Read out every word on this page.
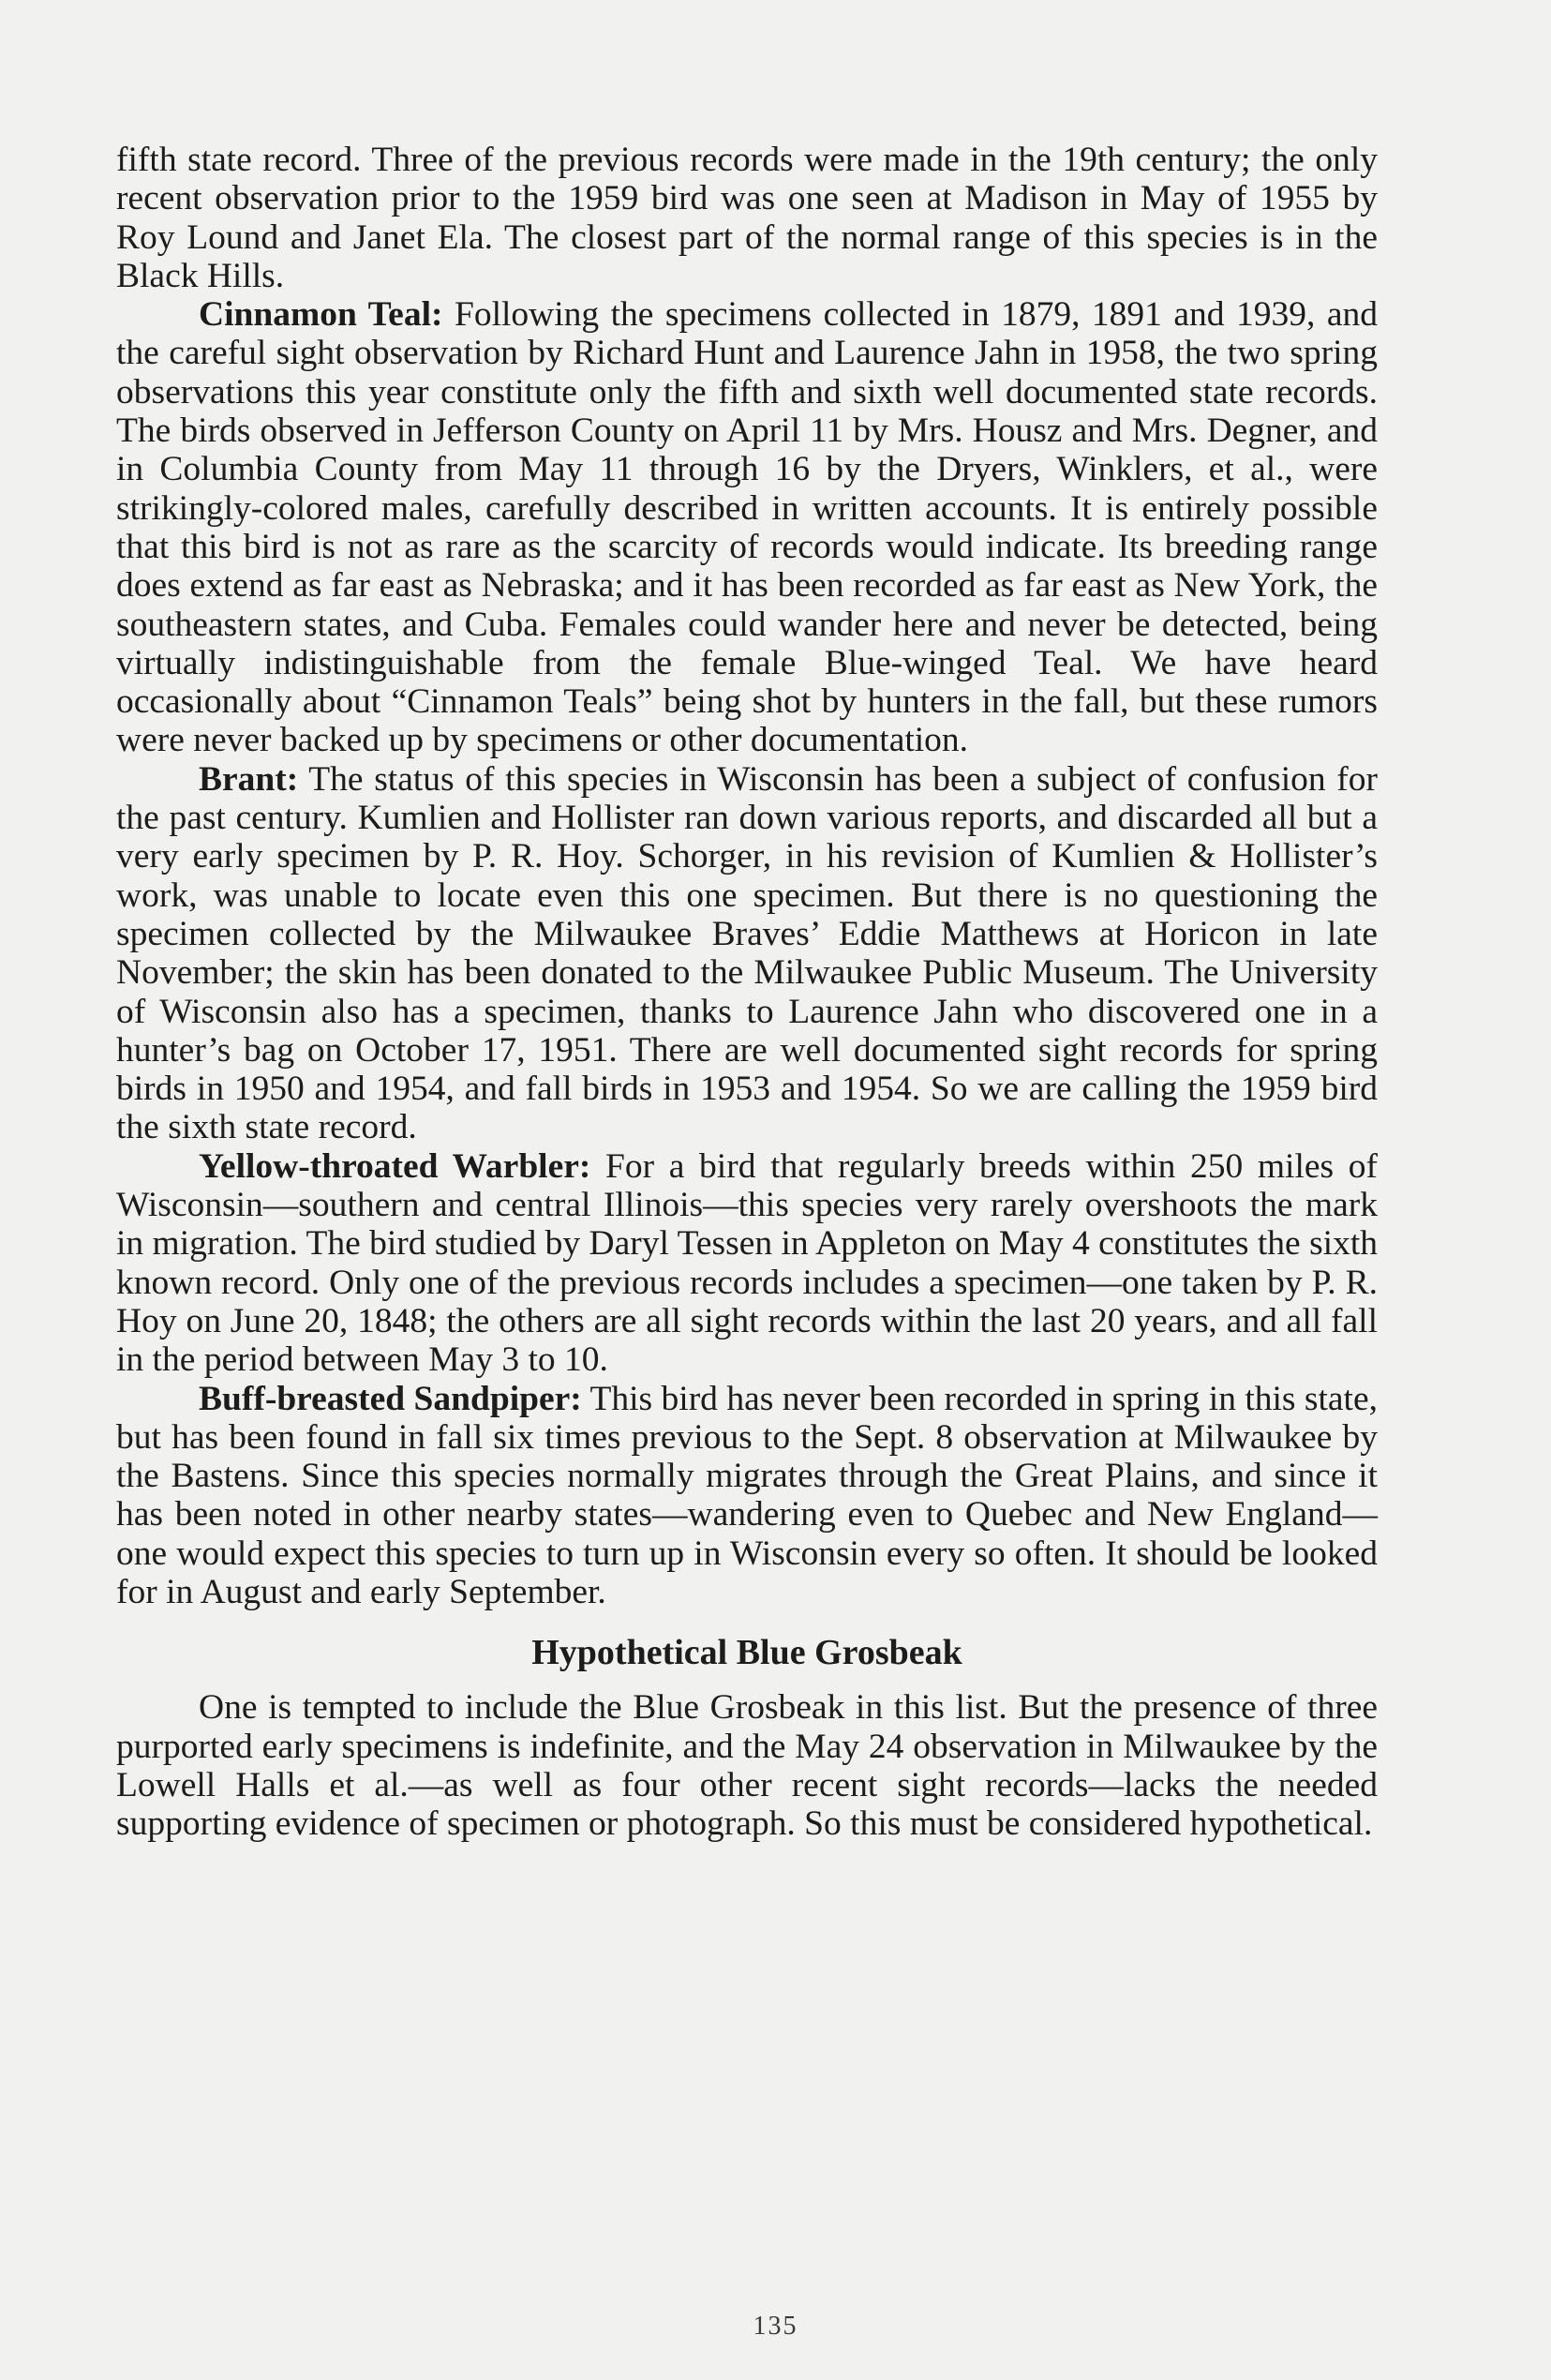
fifth state record. Three of the previous records were made in the 19th century; the only recent observation prior to the 1959 bird was one seen at Madison in May of 1955 by Roy Lound and Janet Ela. The closest part of the normal range of this species is in the Black Hills.

Cinnamon Teal: Following the specimens collected in 1879, 1891 and 1939, and the careful sight observation by Richard Hunt and Laurence Jahn in 1958, the two spring observations this year constitute only the fifth and sixth well documented state records. The birds observed in Jefferson County on April 11 by Mrs. Housz and Mrs. Degner, and in Columbia County from May 11 through 16 by the Dryers, Winklers, et al., were strikingly-colored males, carefully described in written accounts. It is entirely possible that this bird is not as rare as the scarcity of records would indicate. Its breeding range does extend as far east as Nebraska; and it has been recorded as far east as New York, the southeastern states, and Cuba. Females could wander here and never be detected, being virtually indistinguishable from the female Blue-winged Teal. We have heard occasionally about “Cinnamon Teals” being shot by hunters in the fall, but these rumors were never backed up by specimens or other documentation.

Brant: The status of this species in Wisconsin has been a subject of confusion for the past century. Kumlien and Hollister ran down various reports, and discarded all but a very early specimen by P. R. Hoy. Schorger, in his revision of Kumlien & Hollister’s work, was unable to locate even this one specimen. But there is no questioning the specimen collected by the Milwaukee Braves’ Eddie Matthews at Horicon in late November; the skin has been donated to the Milwaukee Public Museum. The University of Wisconsin also has a specimen, thanks to Laurence Jahn who discovered one in a hunter’s bag on October 17, 1951. There are well documented sight records for spring birds in 1950 and 1954, and fall birds in 1953 and 1954. So we are calling the 1959 bird the sixth state record.

Yellow-throated Warbler: For a bird that regularly breeds within 250 miles of Wisconsin—southern and central Illinois—this species very rarely overshoots the mark in migration. The bird studied by Daryl Tessen in Appleton on May 4 constitutes the sixth known record. Only one of the previous records includes a specimen—one taken by P. R. Hoy on June 20, 1848; the others are all sight records within the last 20 years, and all fall in the period between May 3 to 10.

Buff-breasted Sandpiper: This bird has never been recorded in spring in this state, but has been found in fall six times previous to the Sept. 8 observation at Milwaukee by the Bastens. Since this species normally migrates through the Great Plains, and since it has been noted in other nearby states—wandering even to Quebec and New England—one would expect this species to turn up in Wisconsin every so often. It should be looked for in August and early September.

Hypothetical Blue Grosbeak

One is tempted to include the Blue Grosbeak in this list. But the presence of three purported early specimens is indefinite, and the May 24 observation in Milwaukee by the Lowell Halls et al.—as well as four other recent sight records—lacks the needed supporting evidence of specimen or photograph. So this must be considered hypothetical.

135
